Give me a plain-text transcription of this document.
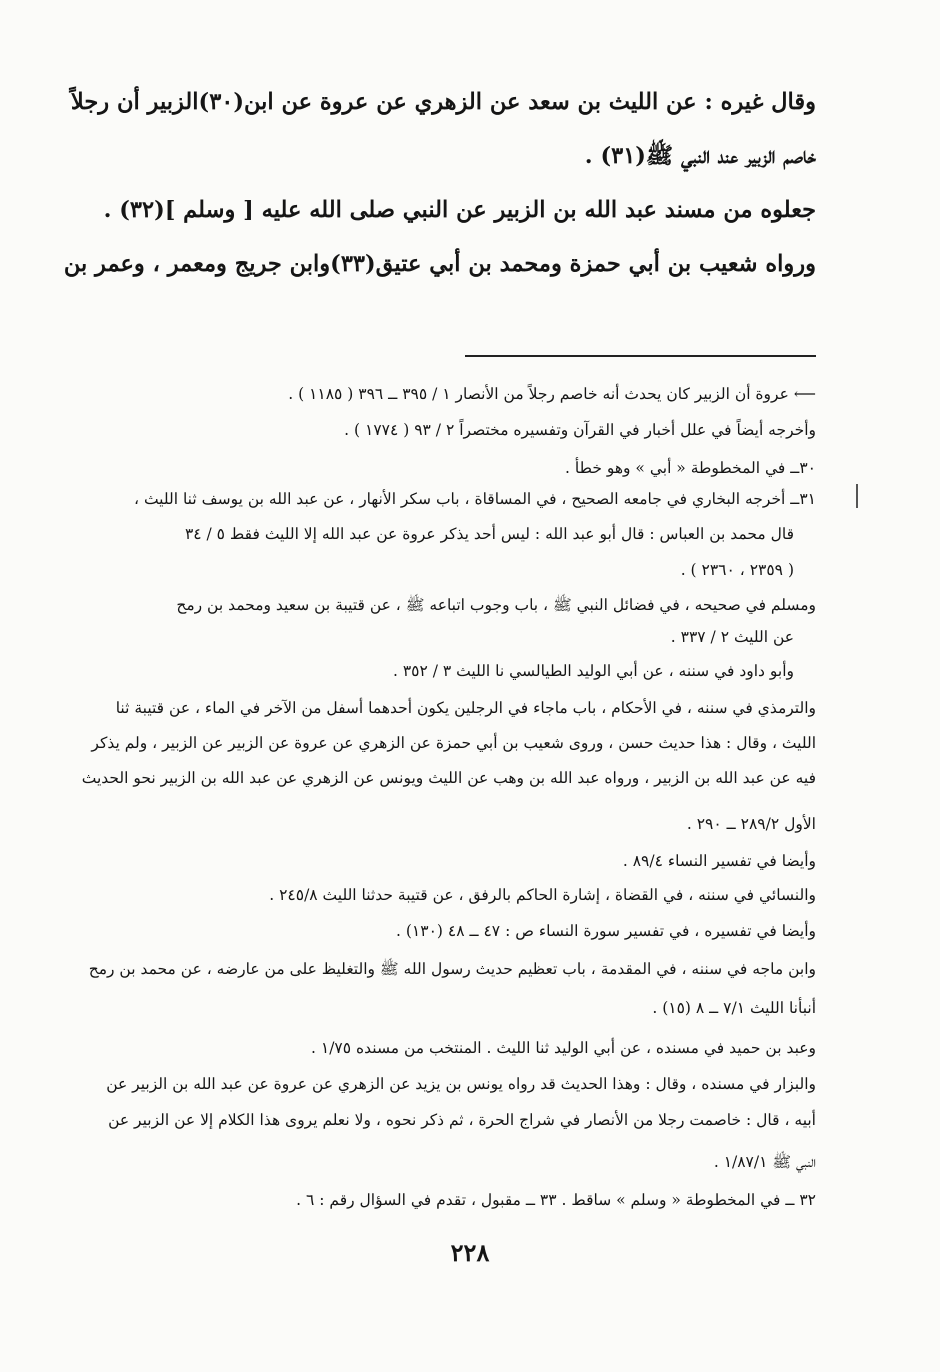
وقال غيره : عن الليث بن سعد عن الزهري عن عروة عن ابن(٣٠)الزبير أن رجلاً
خاصم الزبير عند النبي ﷺ(٣١) .
جعلوه من مسند عبد الله بن الزبير عن النبي صلى الله عليه [ وسلم ](٣٢) .
ورواه شعيب بن أبي حمزة ومحمد بن أبي عتيق(٣٣)وابن جريج ومعمر ، وعمر بن
⟵ عروة أن الزبير كان يحدث أنه خاصم رجلاً من الأنصار ١ / ٣٩٥ ــ ٣٩٦ ( ١١٨٥ ) .
وأخرجه أيضاً في علل أخبار في القرآن وتفسيره مختصراً ٢ / ٩٣ ( ١٧٧٤ ) .
٣٠ــ في المخطوطة « أبي » وهو خطأ .
٣١ــ أخرجه البخاري في جامعه الصحيح ، في المساقاة ، باب سكر الأنهار ، عن عبد الله بن يوسف ثنا الليث ،
قال محمد بن العباس : قال أبو عبد الله : ليس أحد يذكر عروة عن عبد الله إلا الليث فقط ٥ / ٣٤
( ٢٣٥٩ ، ٢٣٦٠ ) .
ومسلم في صحيحه ، في فضائل النبي ﷺ ، باب وجوب اتباعه ﷺ ، عن قتيبة بن سعيد ومحمد بن رمح
عن الليث ٢ / ٣٣٧ .
وأبو داود في سننه ، عن أبي الوليد الطيالسي نا الليث ٣ / ٣٥٢ .
والترمذي في سننه ، في الأحكام ، باب ماجاء في الرجلين يكون أحدهما أسفل من الآخر في الماء ، عن قتيبة ثنا
الليث ، وقال : هذا حديث حسن ، وروى شعيب بن أبي حمزة عن الزهري عن عروة عن الزبير عن الزبير ، ولم يذكر
فيه عن عبد الله بن الزبير ، ورواه عبد الله بن وهب عن الليث ويونس عن الزهري عن عبد الله بن الزبير نحو الحديث
الأول ٢٨٩/٢ ــ ٢٩٠ .
وأيضا في تفسير النساء ٨٩/٤ .
والنسائي في سننه ، في القضاة ، إشارة الحاكم بالرفق ، عن قتيبة حدثنا الليث ٢٤٥/٨ .
وأيضا في تفسيره ، في تفسير سورة النساء ص : ٤٧ ــ ٤٨ (١٣٠) .
وابن ماجه في سننه ، في المقدمة ، باب تعظيم حديث رسول الله ﷺ والتغليظ على من عارضه ، عن محمد بن رمح
أنبأنا الليث ٧/١ ــ ٨ (١٥) .
وعبد بن حميد في مسنده ، عن أبي الوليد ثنا الليث . المنتخب من مسنده ١/٧٥ .
والبزار في مسنده ، وقال : وهذا الحديث قد رواه يونس بن يزيد عن الزهري عن عروة عن عبد الله بن الزبير عن
أبيه ، قال : خاصمت رجلا من الأنصار في شراج الحرة ، ثم ذكر نحوه ، ولا نعلم يروى هذا الكلام إلا عن الزبير عن
النبي ﷺ ١/٨٧/١ .
٣٢ ــ في المخطوطة « وسلم » ساقط . ٣٣ ــ مقبول ، تقدم في السؤال رقم : ٦ .
٢٢٨
